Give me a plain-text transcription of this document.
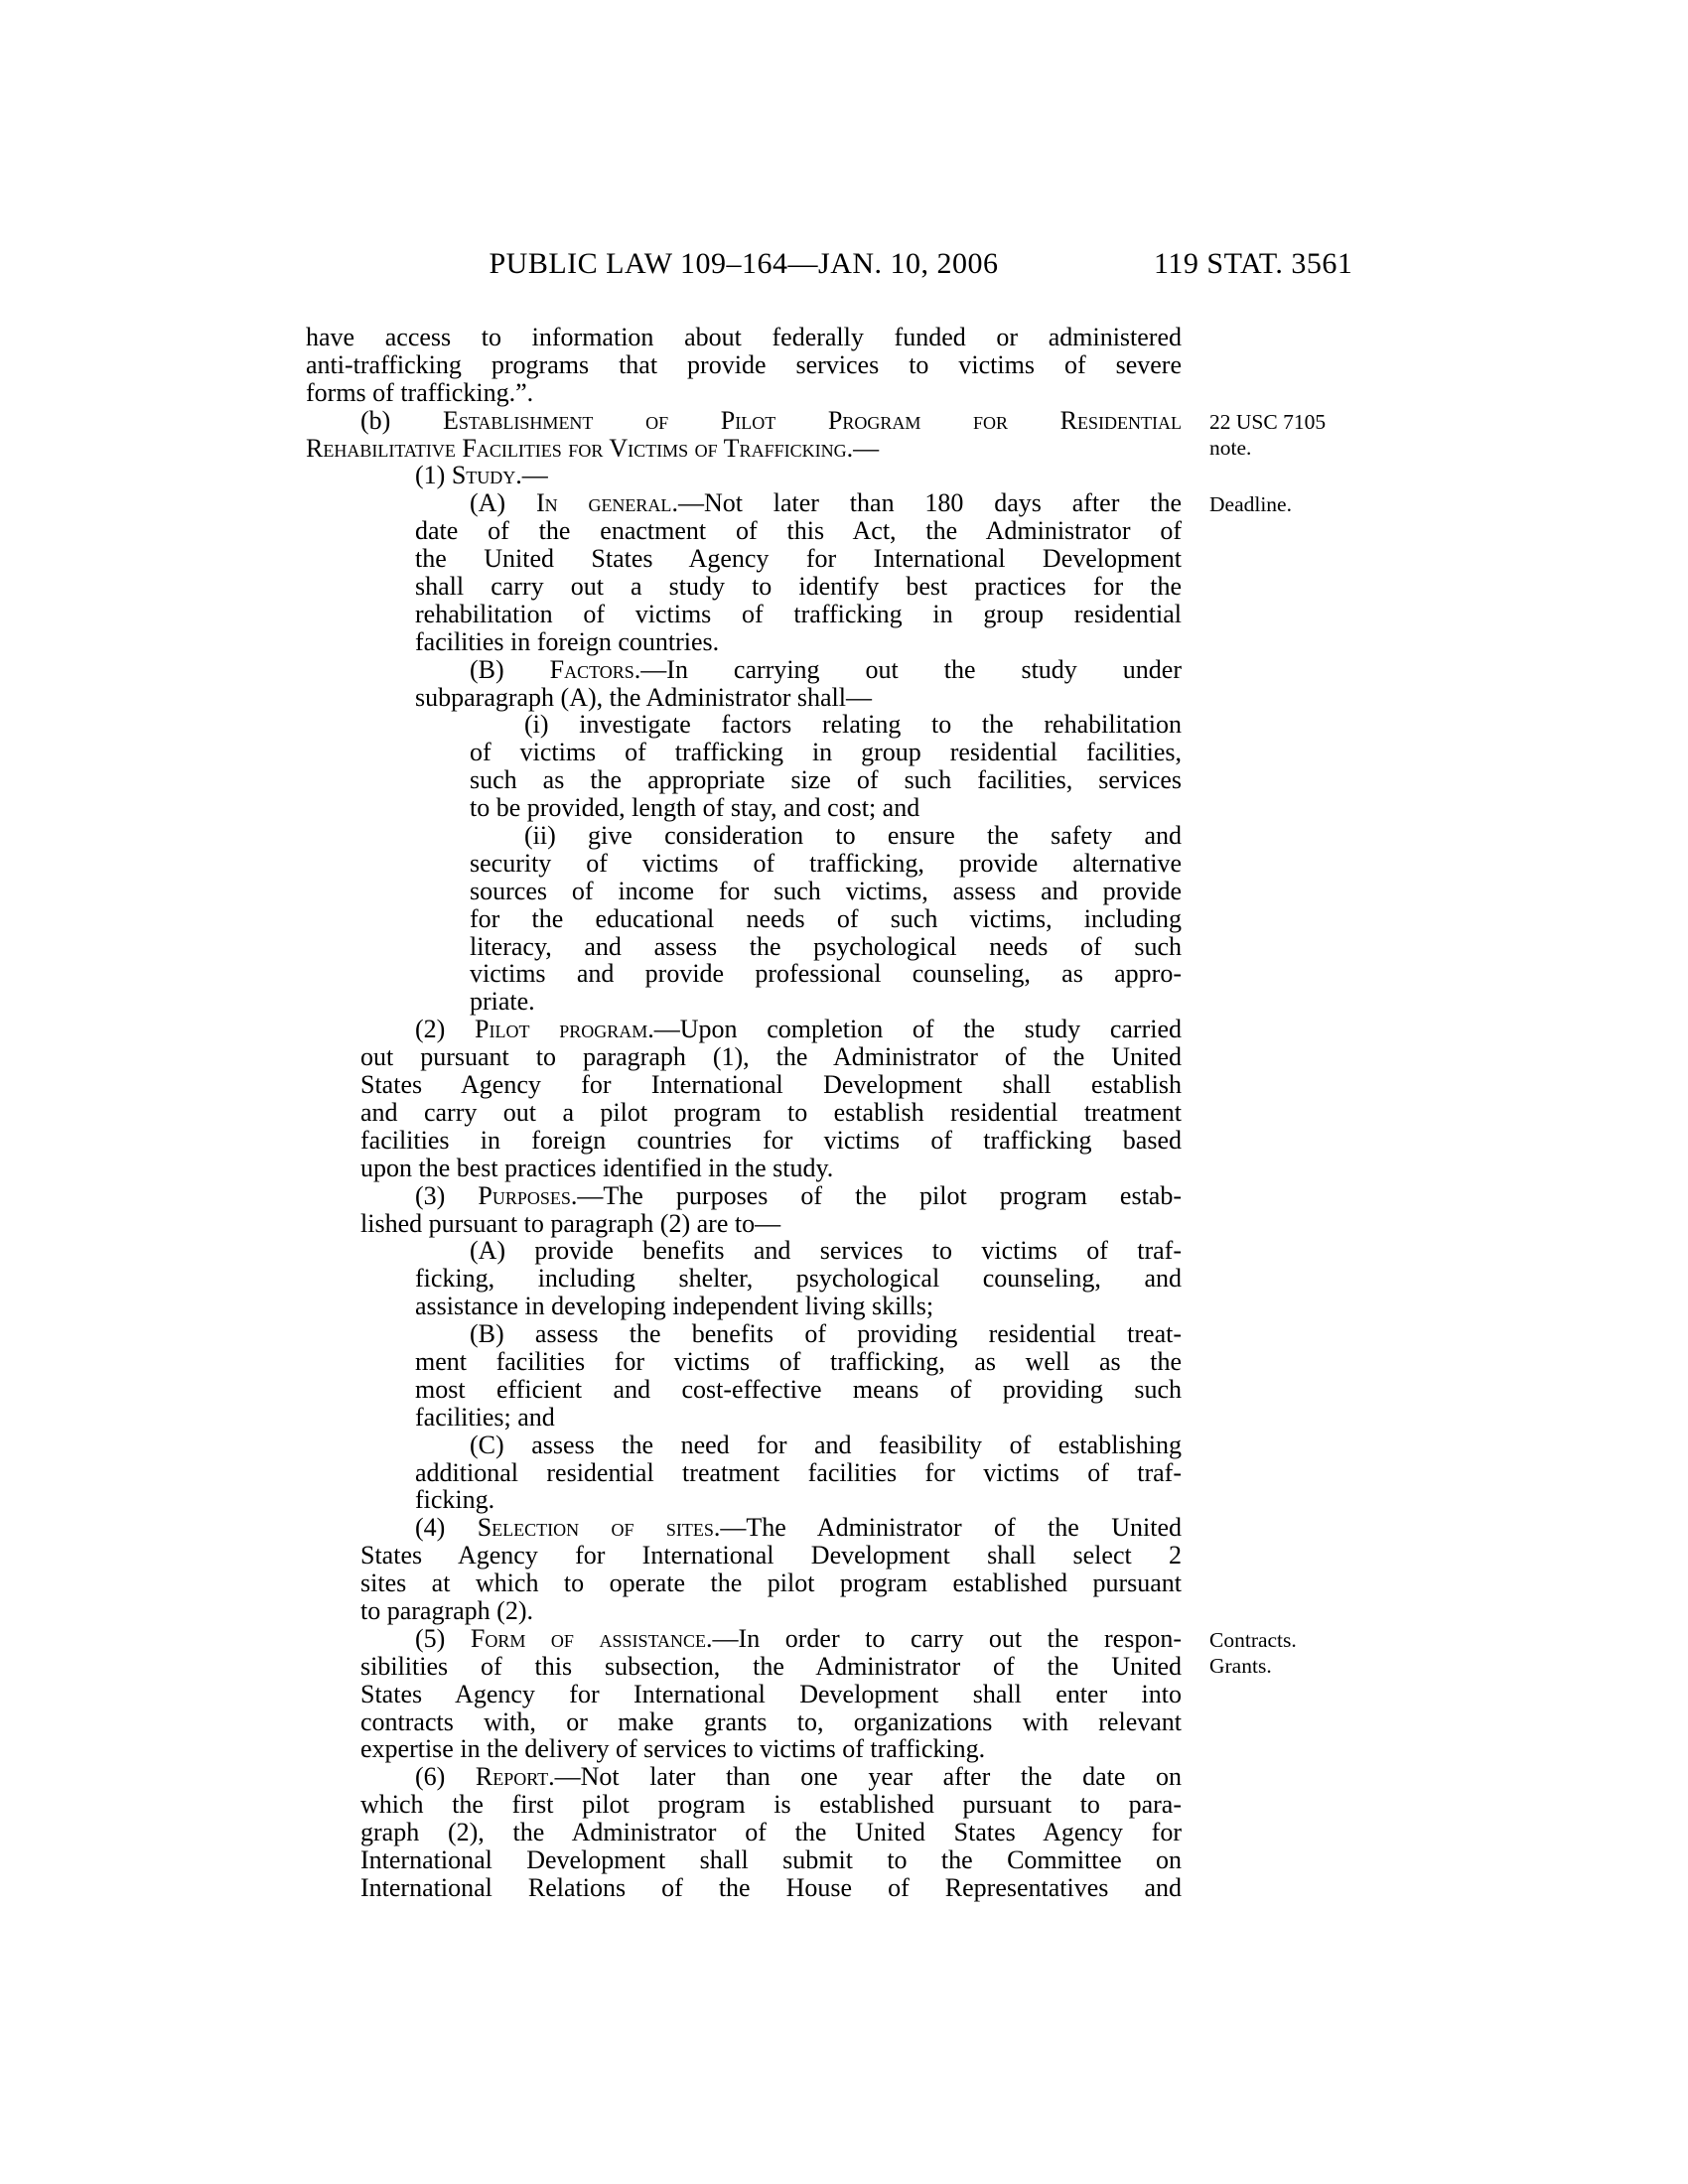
PUBLIC LAW 109–164—JAN. 10, 2006	119 STAT. 3561
have access to information about federally funded or administered
anti-trafficking programs that provide services to victims of severe
forms of trafficking.”.
(b) Establishment of Pilot Program for Residential
Rehabilitative Facilities for Victims of Trafficking.—
(1) Study.—
(A) In general.—Not later than 180 days after the
date of the enactment of this Act, the Administrator of
the United States Agency for International Development
shall carry out a study to identify best practices for the
rehabilitation of victims of trafficking in group residential
facilities in foreign countries.
(B) Factors.—In carrying out the study under
subparagraph (A), the Administrator shall—
(i) investigate factors relating to the rehabilitation
of victims of trafficking in group residential facilities,
such as the appropriate size of such facilities, services
to be provided, length of stay, and cost; and
(ii) give consideration to ensure the safety and
security of victims of trafficking, provide alternative
sources of income for such victims, assess and provide
for the educational needs of such victims, including
literacy, and assess the psychological needs of such
victims and provide professional counseling, as appro-
priate.
(2) Pilot program.—Upon completion of the study carried
out pursuant to paragraph (1), the Administrator of the United
States Agency for International Development shall establish
and carry out a pilot program to establish residential treatment
facilities in foreign countries for victims of trafficking based
upon the best practices identified in the study.
(3) Purposes.—The purposes of the pilot program estab-
lished pursuant to paragraph (2) are to—
(A) provide benefits and services to victims of traf-
ficking, including shelter, psychological counseling, and
assistance in developing independent living skills;
(B) assess the benefits of providing residential treat-
ment facilities for victims of trafficking, as well as the
most efficient and cost-effective means of providing such
facilities; and
(C) assess the need for and feasibility of establishing
additional residential treatment facilities for victims of traf-
ficking.
(4) Selection of sites.—The Administrator of the United
States Agency for International Development shall select 2
sites at which to operate the pilot program established pursuant
to paragraph (2).
(5) Form of assistance.—In order to carry out the respon-
sibilities of this subsection, the Administrator of the United
States Agency for International Development shall enter into
contracts with, or make grants to, organizations with relevant
expertise in the delivery of services to victims of trafficking.
(6) Report.—Not later than one year after the date on
which the first pilot program is established pursuant to para-
graph (2), the Administrator of the United States Agency for
International Development shall submit to the Committee on
International Relations of the House of Representatives and
22 USC 7105
note.
Deadline.
Contracts.
Grants.
